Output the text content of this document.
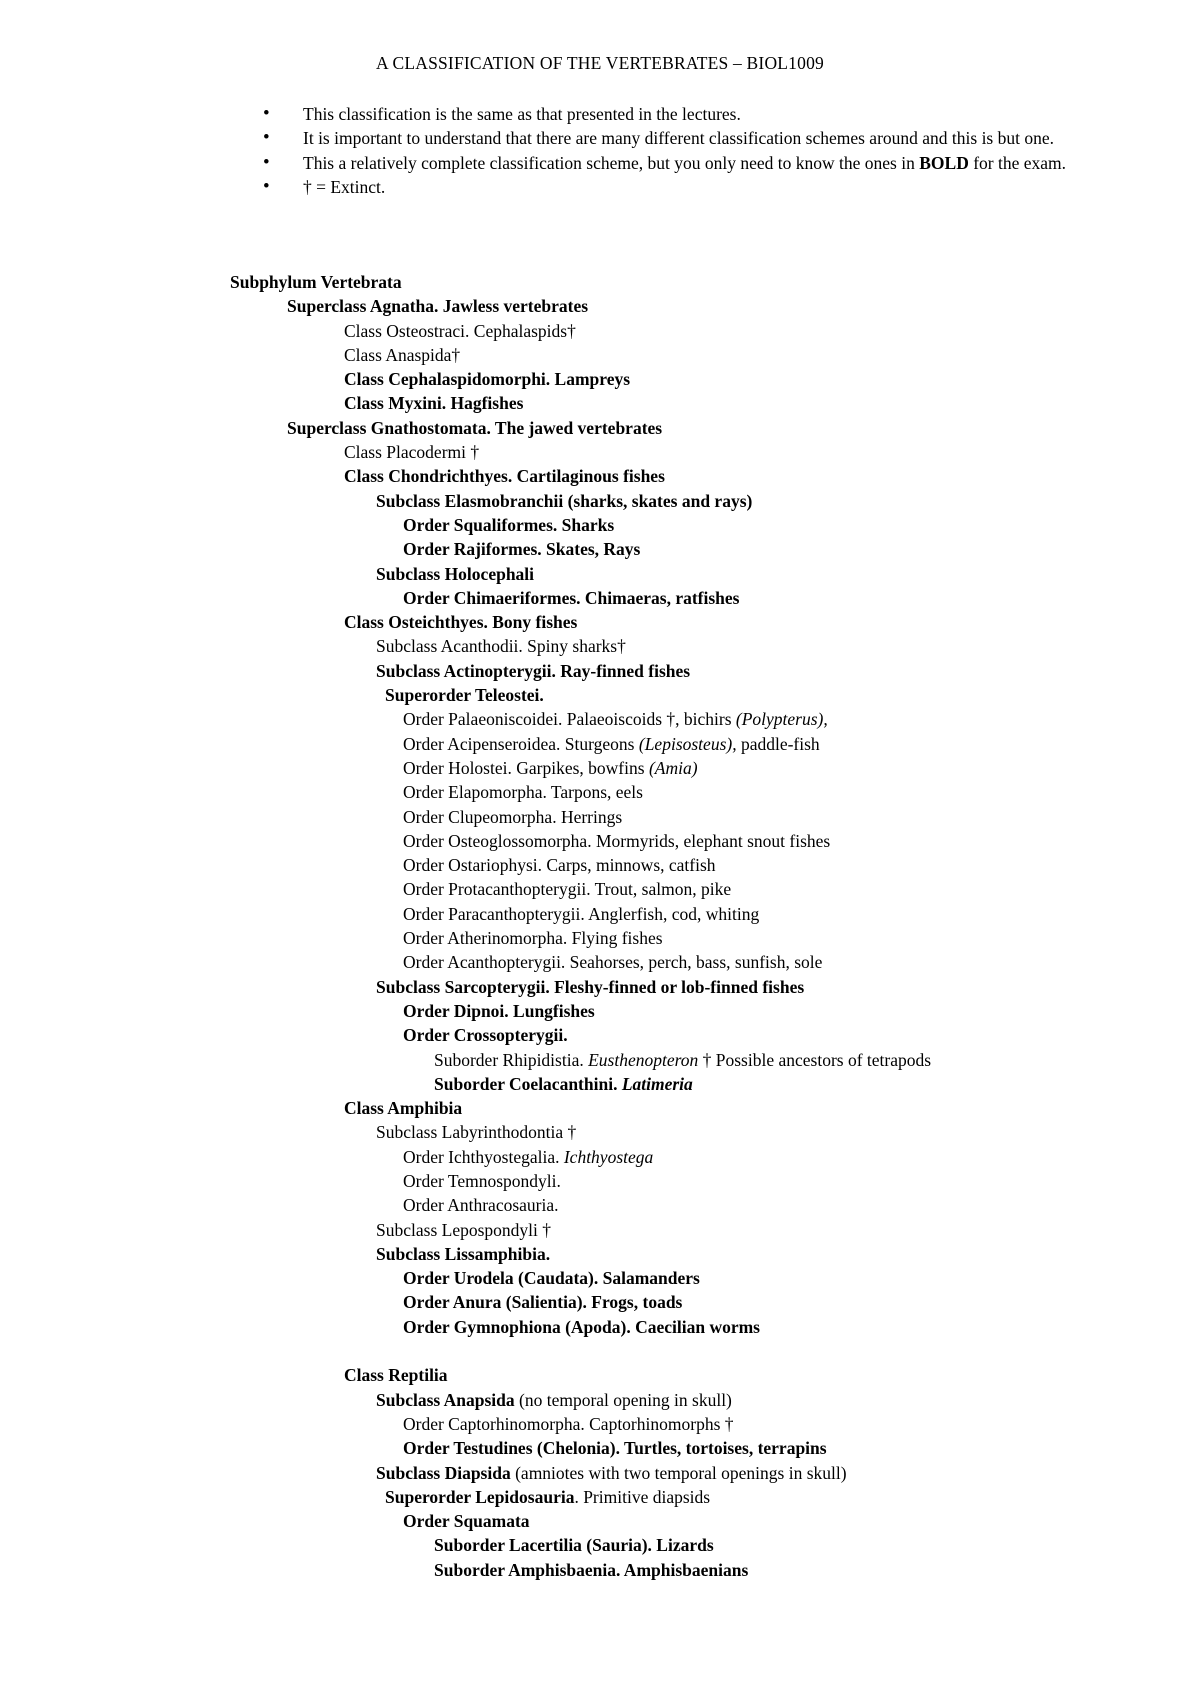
A CLASSIFICATION OF THE VERTEBRATES – BIOL1009
• This classification is the same as that presented in the lectures.
• It is important to understand that there are many different classification schemes around and this is but one.
• This a relatively complete classification scheme, but you only need to know the ones in BOLD for the exam.
• † = Extinct.
Subphylum Vertebrata
Superclass Agnatha. Jawless vertebrates
Class Osteostraci. Cephalaspids†
Class Anaspida†
Class Cephalaspidomorphi. Lampreys
Class Myxini. Hagfishes
Superclass Gnathostomata. The jawed vertebrates
Class Placodermi †
Class Chondrichthyes. Cartilaginous fishes
Subclass Elasmobranchii (sharks, skates and rays)
Order Squaliformes. Sharks
Order Rajiformes. Skates, Rays
Subclass Holocephali
Order Chimaeriformes. Chimaeras, ratfishes
Class Osteichthyes. Bony fishes
Subclass Acanthodii. Spiny sharks†
Subclass Actinopterygii. Ray-finned fishes
Superorder Teleostei.
Order Palaeoniscoidei. Palaeoiscoids †, bichirs (Polypterus),
Order Acipenseroidea. Sturgeons (Lepisosteus), paddle-fish
Order Holostei. Garpikes, bowfins (Amia)
Order Elapomorpha. Tarpons, eels
Order Clupeomorpha. Herrings
Order Osteoglossomorpha. Mormyrids, elephant snout fishes
Order Ostariophysi. Carps, minnows, catfish
Order Protacanthopterygii. Trout, salmon, pike
Order Paracanthopterygii. Anglerfish, cod, whiting
Order Atherinomorpha. Flying fishes
Order Acanthopterygii. Seahorses, perch, bass, sunfish, sole
Subclass Sarcopterygii. Fleshy-finned or lob-finned fishes
Order Dipnoi. Lungfishes
Order Crossopterygii.
Suborder Rhipidistia. Eusthenopteron † Possible ancestors of tetrapods
Suborder Coelacanthini. Latimeria
Class Amphibia
Subclass Labyrinthodontia †
Order Ichthyostegalia. Ichthyostega
Order Temnospondyli.
Order Anthracosauria.
Subclass Lepospondyli †
Subclass Lissamphibia.
Order Urodela (Caudata). Salamanders
Order Anura (Salientia). Frogs, toads
Order Gymnophiona (Apoda). Caecilian worms
Class Reptilia
Subclass Anapsida (no temporal opening in skull)
Order Captorhinomorpha. Captorhinomorphs †
Order Testudines (Chelonia). Turtles, tortoises, terrapins
Subclass Diapsida (amniotes with two temporal openings in skull)
Superorder Lepidosauria. Primitive diapsids
Order Squamata
Suborder Lacertilia (Sauria). Lizards
Suborder Amphisbaenia. Amphisbaenians
